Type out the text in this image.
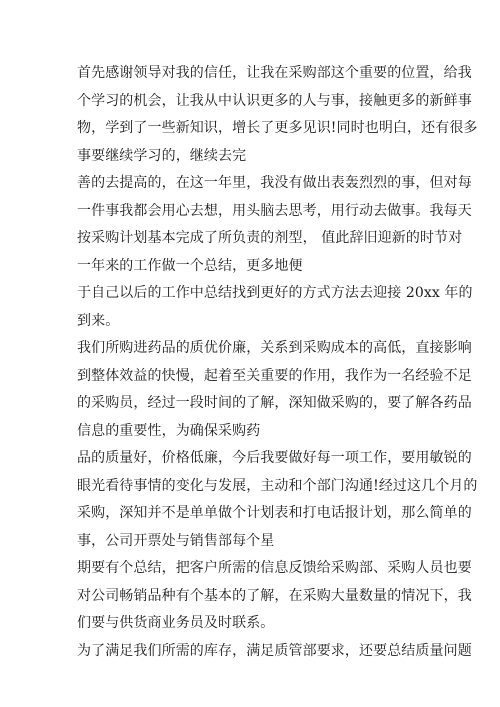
首先感谢领导对我的信任，让我在采购部这个重要的位置，给我
个学习的机会，让我从中认识更多的人与事，接触更多的新鲜事
物，学到了一些新知识，增长了更多见识!同时也明白，还有很多
事要继续学习的，继续去完
善的去提高的，在这一年里，我没有做出表轰烈烈的事，但对每
一件事我都会用心去想，用头脑去思考，用行动去做事。我每天
按采购计划基本完成了所负责的剂型， 值此辞旧迎新的时节对
一年来的工作做一个总结，更多地便
于自己以后的工作中总结找到更好的方式方法去迎接 20xx 年的
到来。
我们所购进药品的质优价廉，关系到采购成本的高低，直接影响
到整体效益的快慢，起着至关重要的作用，我作为一名经验不足
的采购员，经过一段时间的了解，深知做采购的，要了解各药品
信息的重要性，为确保采购药
品的质量好，价格低廉，今后我要做好每一项工作，要用敏锐的
眼光看待事情的变化与发展，主动和个部门沟通!经过这几个月的
采购，深知并不是单单做个计划表和打电话报计划，那么简单的
事，公司开票处与销售部每个星
期要有个总结，把客户所需的信息反馈给采购部、采购人员也要
对公司畅销品种有个基本的了解，在采购大量数量的情况下，我
们要与供货商业务员及时联系。
为了满足我们所需的库存，满足质管部要求，还要总结质量问题
